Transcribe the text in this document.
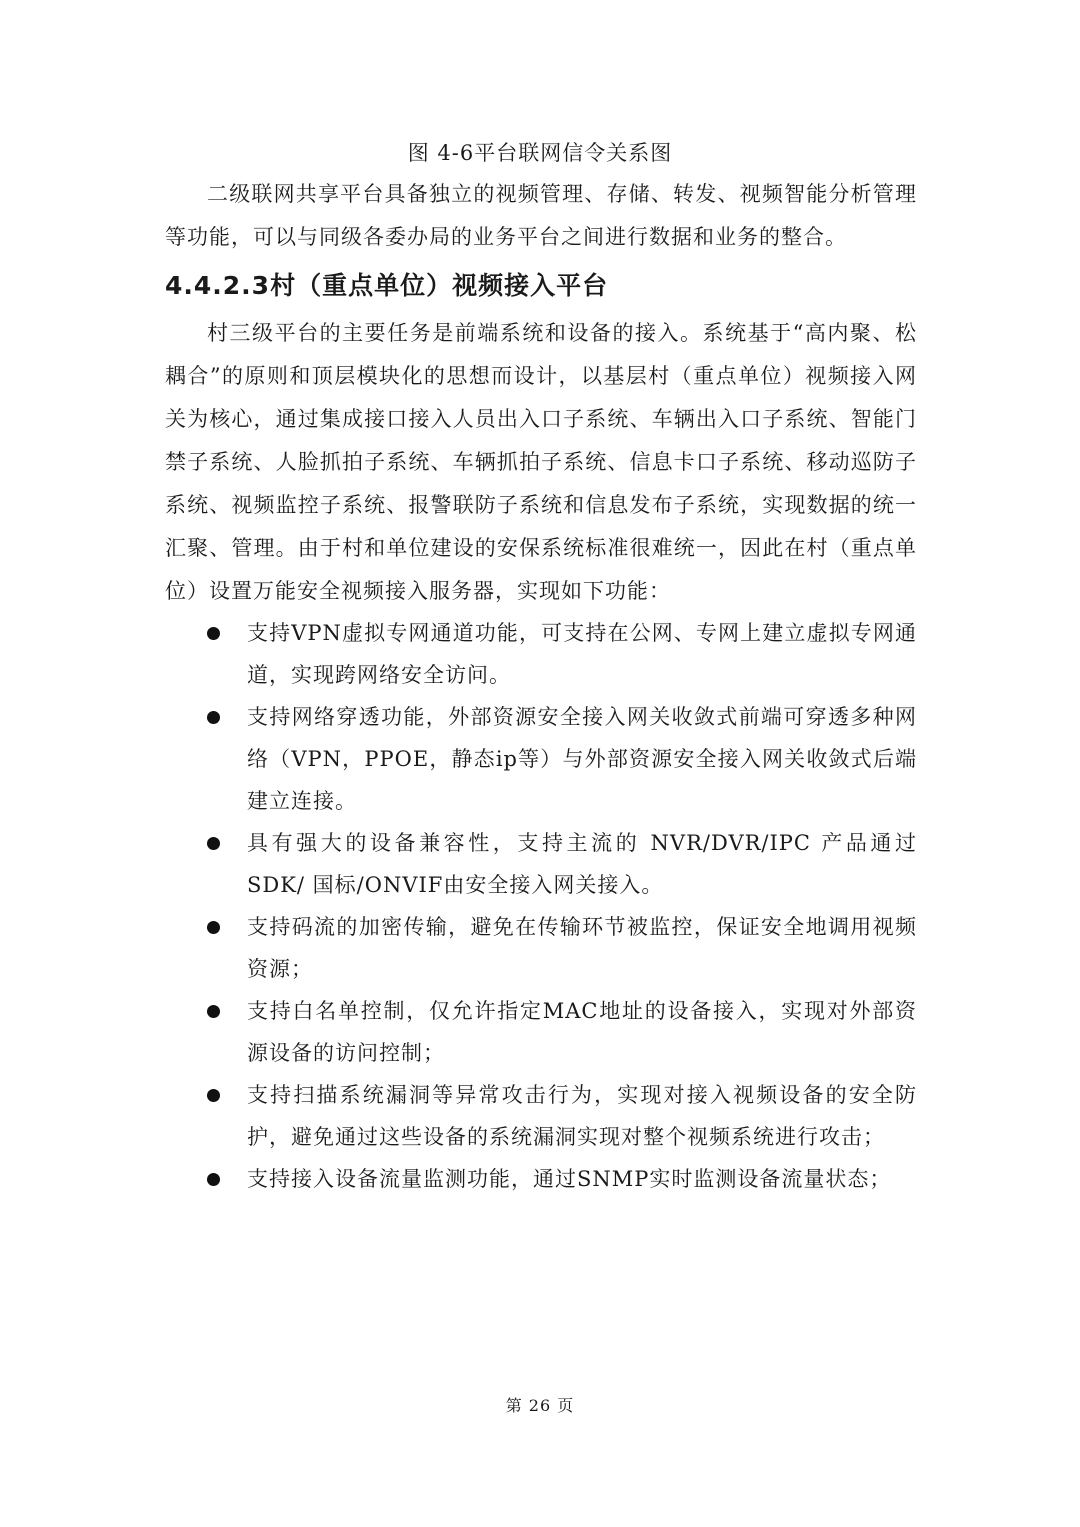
图 4-6平台联网信令关系图

二级联网共享平台具备独立的视频管理、存储、转发、视频智能分析管理等功能，可以与同级各委办局的业务平台之间进行数据和业务的整合。

4.4.2.3村（重点单位）视频接入平台

村三级平台的主要任务是前端系统和设备的接入。系统基于“高内聚、松耦合”的原则和顶层模块化的思想而设计，以基层村（重点单位）视频接入网关为核心，通过集成接口接入人员出入口子系统、车辆出入口子系统、智能门禁子系统、人脸抓拍子系统、车辆抓拍子系统、信息卡口子系统、移动巡防子系统、视频监控子系统、报警联防子系统和信息发布子系统，实现数据的统一汇聚、管理。由于村和单位建设的安保系统标准很难统一，因此在村（重点单位）设置万能安全视频接入服务器，实现如下功能：

支持VPN虚拟专网通道功能，可支持在公网、专网上建立虚拟专网通道，实现跨网络安全访问。
支持网络穿透功能，外部资源安全接入网关收敛式前端可穿透多种网络（VPN，PPOE，静态ip等）与外部资源安全接入网关收敛式后端建立连接。
具有强大的设备兼容性，支持主流的 NVR/DVR/IPC 产品通过 SDK/ 国标/ONVIF由安全接入网关接入。
支持码流的加密传输，避免在传输环节被监控，保证安全地调用视频资源；
支持白名单控制，仅允许指定MAC地址的设备接入，实现对外部资源设备的访问控制；
支持扫描系统漏洞等异常攻击行为，实现对接入视频设备的安全防护，避免通过这些设备的系统漏洞实现对整个视频系统进行攻击；
支持接入设备流量监测功能，通过SNMP实时监测设备流量状态；
第 26 页
